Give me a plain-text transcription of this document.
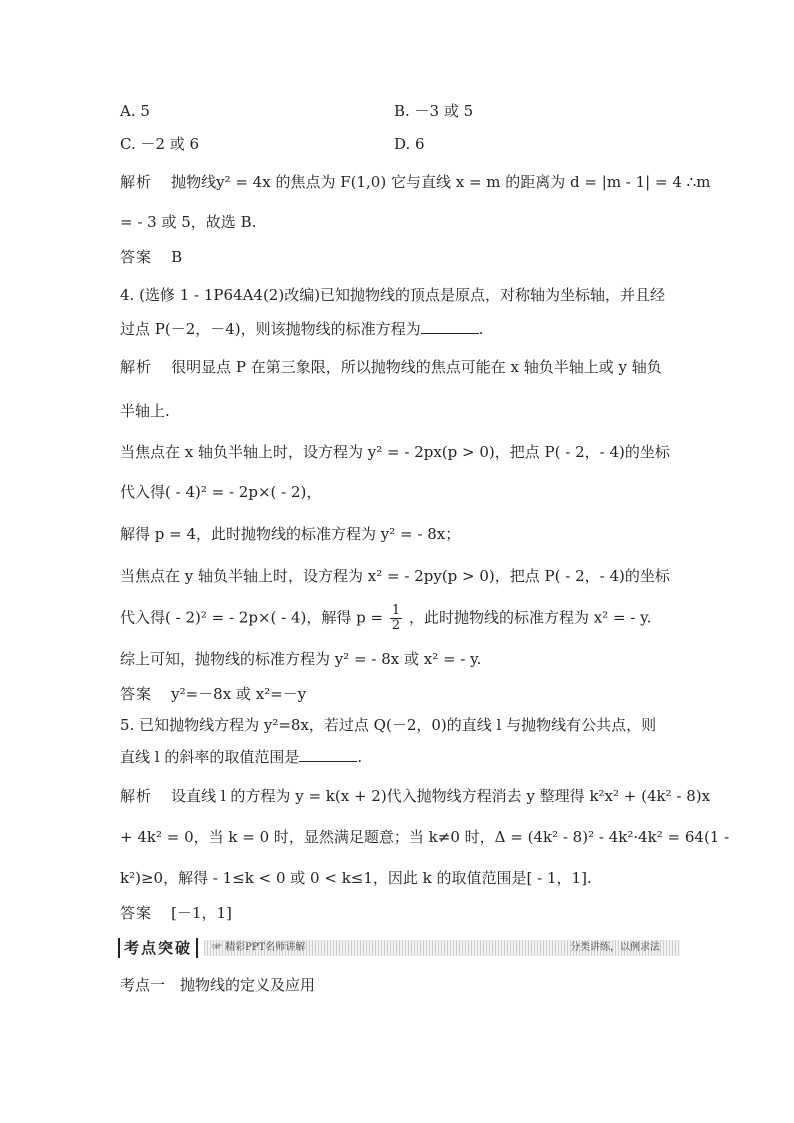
A. 5	B. －3 或 5
C. －2 或 6	D. 6
解析 抛物线y² = 4x 的焦点为 F(1,0) 它与直线 x = m 的距离为 d = |m - 1| = 4 ∴m
= - 3 或 5，故选 B.
答案 B
4. (选修 1 - 1P64A4(2)改编)已知抛物线的顶点是原点，对称轴为坐标轴，并且经
过点 P(－2，－4)，则该抛物线的标准方程为	.
解析 很明显点 P 在第三象限，所以抛物线的焦点可能在 x 轴负半轴上或 y 轴负
半轴上.
当焦点在 x 轴负半轴上时，设方程为 y² = - 2px(p > 0)，把点 P( - 2，- 4)的坐标
代入得( - 4)² = - 2p×( - 2)，
解得 p = 4，此时抛物线的标准方程为 y² = - 8x；
当焦点在 y 轴负半轴上时，设方程为 x² = - 2py(p > 0)，把点 P( - 2，- 4)的坐标
代入得( - 2)² = - 2p×( - 4)，解得 $p = \frac{1}{2}$ ，此时抛物线的标准方程为 x² = - y.
综上可知，抛物线的标准方程为 y² = - 8x 或 x² = - y.
答案 y²=－8x 或 x²=－y
5. 已知抛物线方程为 y²=8x，若过点 Q(－2，0)的直线 l 与抛物线有公共点，则
直线 l 的斜率的取值范围是	.
解析 设直线 l 的方程为 y = k(x + 2)代入抛物线方程消去 y 整理得 k²x² + (4k² - 8)x
+ 4k² = 0，当 k = 0 时，显然满足题意；当 k≠0 时，Δ = (4k² - 8)² - 4k²·4k² = 64(1 -
k²)≥0，解得 - 1≤k < 0 或 0 < k≤1，因此 k 的取值范围是[ - 1，1].
答案 [－1，1]
考点突破	☞ 精彩PPT名师讲解	分类讲练，以例求法
考点一　抛物线的定义及应用
